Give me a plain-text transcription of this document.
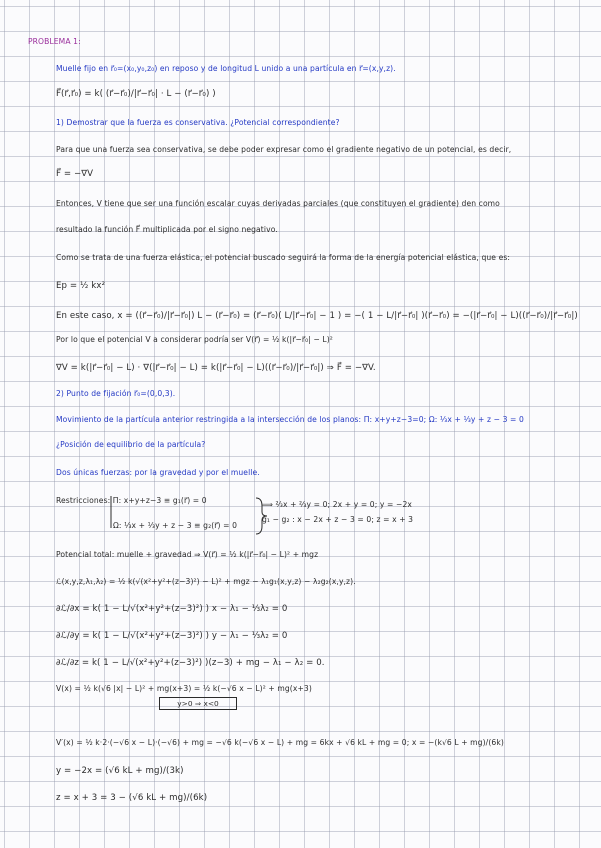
PROBLEMA 1:
Muelle fijo en r⃗₀=(x₀,y₀,z₀) en reposo y de longitud L unido a una partícula en r⃗=(x,y,z).
F⃗(r⃗,r⃗₀) = k( (r⃗−r⃗₀)/|r⃗−r⃗₀| · L − (r⃗−r⃗₀) )
1) Demostrar que la fuerza es conservativa. ¿Potencial correspondiente?
Para que una fuerza sea conservativa, se debe poder expresar como el gradiente negativo de un potencial, es decir,
F⃗ = −∇V
Entonces, V tiene que ser una función escalar cuyas derivadas parciales (que constituyen el gradiente) den como
resultado la función F⃗ multiplicada por el signo negativo.
Como se trata de una fuerza elástica, el potencial buscado seguirá la forma de la energía potencial elástica, que es:
Ep = ½ kx²
En este caso, x = ((r⃗−r⃗₀)/|r⃗−r⃗₀|) L − (r⃗−r⃗₀) = (r⃗−r⃗₀)( L/|r⃗−r⃗₀| − 1 ) = −( 1 − L/|r⃗−r⃗₀| )(r⃗−r⃗₀) = −(|r⃗−r⃗₀| − L)((r⃗−r⃗₀)/|r⃗−r⃗₀|)
Por lo que el potencial V a considerar podría ser V(r⃗) = ½ k(|r⃗−r⃗₀| − L)²
∇V = k(|r⃗−r⃗₀| − L) · ∇(|r⃗−r⃗₀| − L) = k(|r⃗−r⃗₀| − L)((r⃗−r⃗₀)/|r⃗−r⃗₀|) ⇒ F⃗ = −∇V.
2) Punto de fijación r⃗₀=(0,0,3).
Movimiento de la partícula anterior restringida a la intersección de los planos: Π: x+y+z−3=0; Ω: ⅓x + ⅓y + z − 3 = 0
¿Posición de equilibrio de la partícula?
Dos únicas fuerzas: por la gravedad y por el muelle.
Restricciones: Π: x+y+z−3 ≡ g₁(r⃗) = 0
Ω: ⅓x + ⅓y + z − 3 ≡ g₂(r⃗) = 0
⟹ ⅔x + ⅔y = 0; 2x + y = 0; y = −2x
g₁ − g₂ : x − 2x + z − 3 = 0; z = x + 3
Potencial total: muelle + gravedad ⇒ V(r⃗) = ½ k(|r⃗−r⃗₀| − L)² + mgz
ℒ(x,y,z,λ₁,λ₂) = ½ k(√(x²+y²+(z−3)²) − L)² + mgz − λ₁g₁(x,y,z) − λ₂g₂(x,y,z).
∂ℒ/∂x = k( 1 − L/√(x²+y²+(z−3)²) ) x − λ₁ − ⅓λ₂ = 0
∂ℒ/∂y = k( 1 − L/√(x²+y²+(z−3)²) ) y − λ₁ − ⅓λ₂ = 0
∂ℒ/∂z = k( 1 − L/√(x²+y²+(z−3)²) )(z−3) + mg − λ₁ − λ₂ = 0.
V(x) = ½ k(√6 |x| − L)² + mg(x+3) = ½ k(−√6 x − L)² + mg(x+3)
y>0 ⇒ x<0
V′(x) = ½ k·2·(−√6 x − L)·(−√6) + mg = −√6 k(−√6 x − L) + mg = 6kx + √6 kL + mg = 0; x = −(k√6 L + mg)/(6k)
y = −2x = (√6 kL + mg)/(3k)
z = x + 3 = 3 − (√6 kL + mg)/(6k)
